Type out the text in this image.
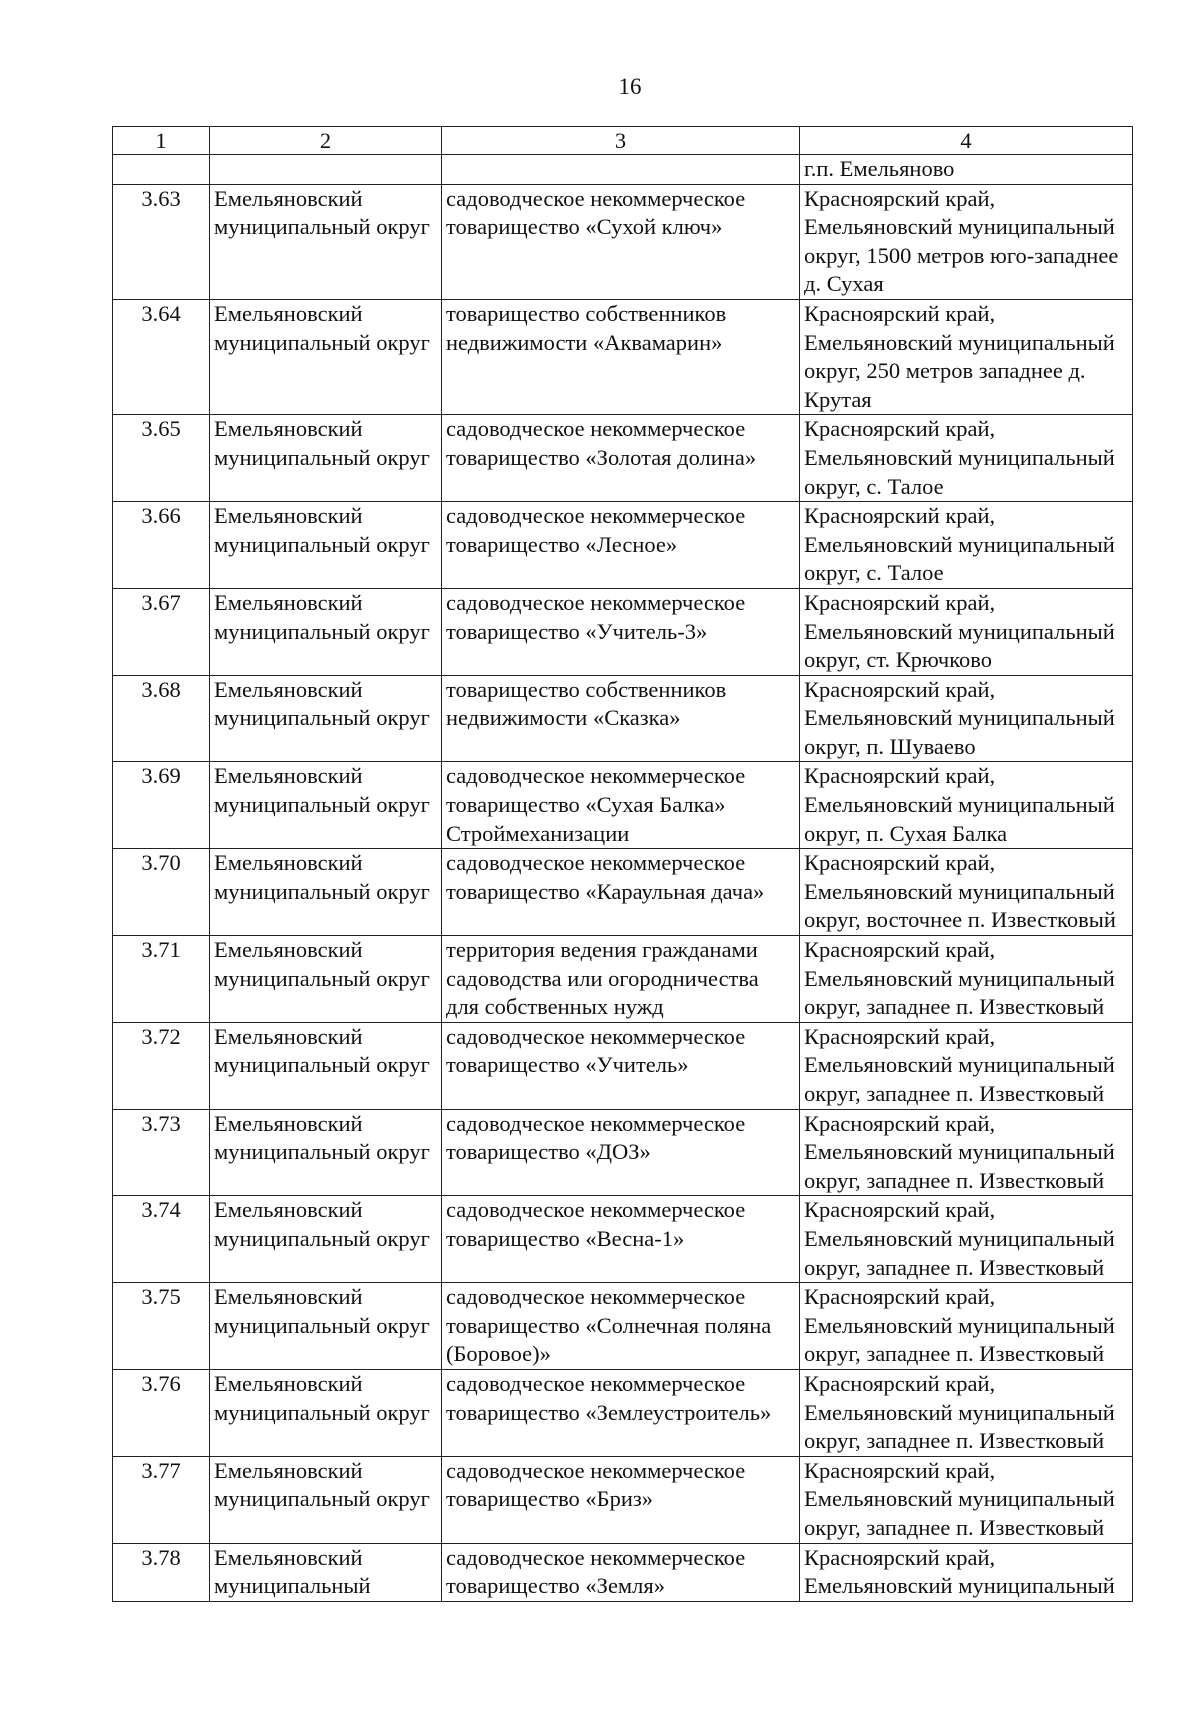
16
1	2	3	4
			г.п. Емельяново
3.63	Емельяновский муниципальный округ	садоводческое некоммерческое товарищество «Сухой ключ»	Красноярский край, Емельяновский муниципальный округ, 1500 метров юго-западнее д. Сухая
3.64	Емельяновский муниципальный округ	товарищество собственников недвижимости «Аквамарин»	Красноярский край, Емельяновский муниципальный округ, 250 метров западнее д. Крутая
3.65	Емельяновский муниципальный округ	садоводческое некоммерческое товарищество «Золотая долина»	Красноярский край, Емельяновский муниципальный округ, с. Талое
3.66	Емельяновский муниципальный округ	садоводческое некоммерческое товарищество «Лесное»	Красноярский край, Емельяновский муниципальный округ, с. Талое
3.67	Емельяновский муниципальный округ	садоводческое некоммерческое товарищество «Учитель-3»	Красноярский край, Емельяновский муниципальный округ, ст. Крючково
3.68	Емельяновский муниципальный округ	товарищество собственников недвижимости «Сказка»	Красноярский край, Емельяновский муниципальный округ, п. Шуваево
3.69	Емельяновский муниципальный округ	садоводческое некоммерческое товарищество «Сухая Балка» Строймеханизации	Красноярский край, Емельяновский муниципальный округ, п. Сухая Балка
3.70	Емельяновский муниципальный округ	садоводческое некоммерческое товарищество «Караульная дача»	Красноярский край, Емельяновский муниципальный округ, восточнее п. Известковый
3.71	Емельяновский муниципальный округ	территория ведения гражданами садоводства или огородничества для собственных нужд	Красноярский край, Емельяновский муниципальный округ, западнее п. Известковый
3.72	Емельяновский муниципальный округ	садоводческое некоммерческое товарищество «Учитель»	Красноярский край, Емельяновский муниципальный округ, западнее п. Известковый
3.73	Емельяновский муниципальный округ	садоводческое некоммерческое товарищество «ДОЗ»	Красноярский край, Емельяновский муниципальный округ, западнее п. Известковый
3.74	Емельяновский муниципальный округ	садоводческое некоммерческое товарищество «Весна-1»	Красноярский край, Емельяновский муниципальный округ, западнее п. Известковый
3.75	Емельяновский муниципальный округ	садоводческое некоммерческое товарищество «Солнечная поляна (Боровое)»	Красноярский край, Емельяновский муниципальный округ, западнее п. Известковый
3.76	Емельяновский муниципальный округ	садоводческое некоммерческое товарищество «Землеустроитель»	Красноярский край, Емельяновский муниципальный округ, западнее п. Известковый
3.77	Емельяновский муниципальный округ	садоводческое некоммерческое товарищество «Бриз»	Красноярский край, Емельяновский муниципальный округ, западнее п. Известковый
3.78	Емельяновский муниципальный	садоводческое некоммерческое товарищество «Земля»	Красноярский край, Емельяновский муниципальный
